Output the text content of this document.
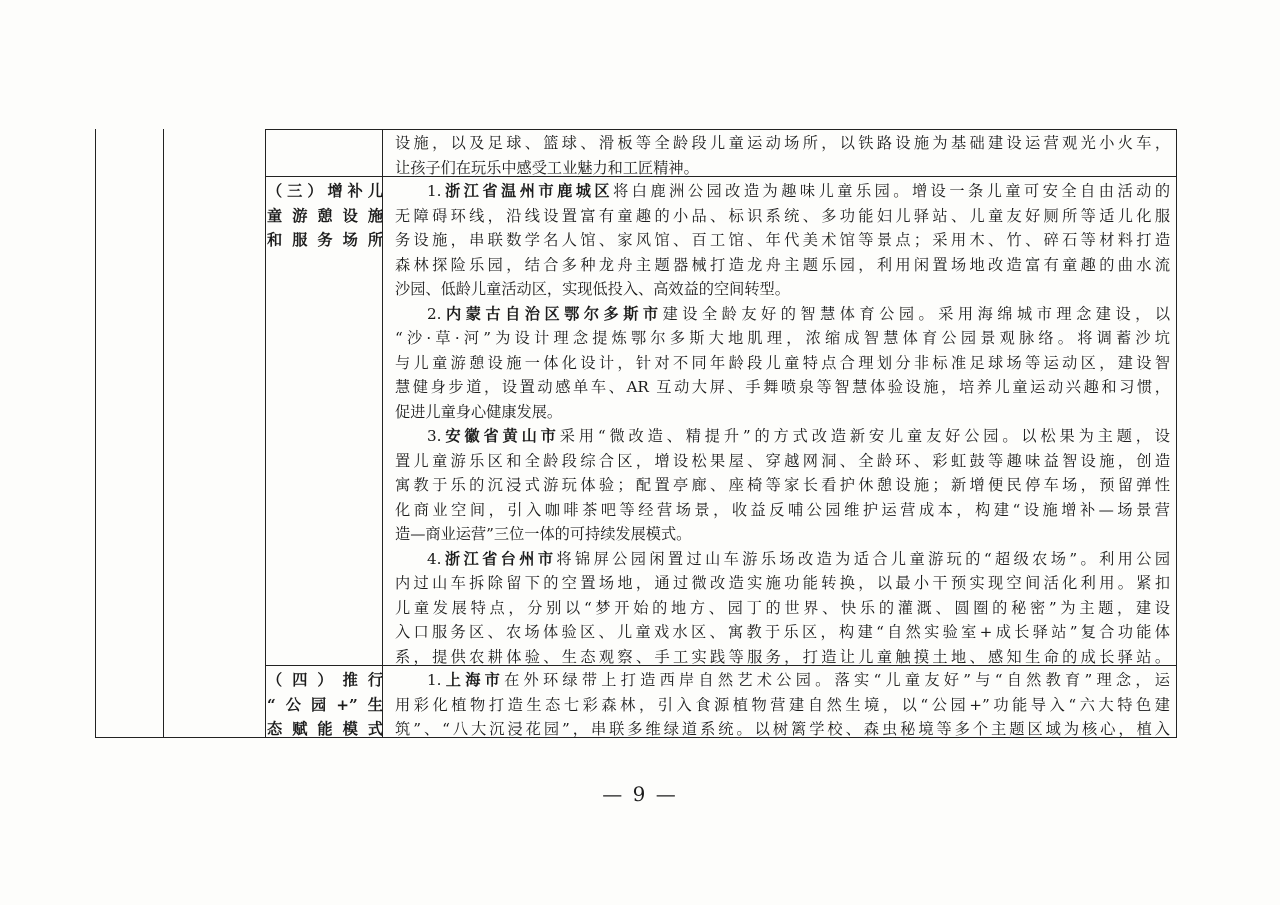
设施，以及足球、篮球、滑板等全龄段儿童运动场所，以铁路设施为基础建设运营观光小火车，
让孩子们在玩乐中感受工业魅力和工匠精神。
（三）增补儿
童游憩设施
和服务场所
1.浙江省温州市鹿城区将白鹿洲公园改造为趣味儿童乐园。增设一条儿童可安全自由活动的
无障碍环线，沿线设置富有童趣的小品、标识系统、多功能妇儿驿站、儿童友好厕所等适儿化服
务设施，串联数学名人馆、家风馆、百工馆、年代美术馆等景点；采用木、竹、碎石等材料打造
森林探险乐园，结合多种龙舟主题器械打造龙舟主题乐园，利用闲置场地改造富有童趣的曲水流
沙园、低龄儿童活动区，实现低投入、高效益的空间转型。
2.内蒙古自治区鄂尔多斯市建设全龄友好的智慧体育公园。采用海绵城市理念建设，以
“沙·草·河”为设计理念提炼鄂尔多斯大地肌理，浓缩成智慧体育公园景观脉络。将调蓄沙坑
与儿童游憩设施一体化设计，针对不同年龄段儿童特点合理划分非标准足球场等运动区，建设智
慧健身步道，设置动感单车、AR 互动大屏、手舞喷泉等智慧体验设施，培养儿童运动兴趣和习惯，
促进儿童身心健康发展。
3.安徽省黄山市采用“微改造、精提升”的方式改造新安儿童友好公园。以松果为主题，设
置儿童游乐区和全龄段综合区，增设松果屋、穿越网洞、全龄环、彩虹鼓等趣味益智设施，创造
寓教于乐的沉浸式游玩体验；配置亭廊、座椅等家长看护休憩设施；新增便民停车场，预留弹性
化商业空间，引入咖啡茶吧等经营场景，收益反哺公园维护运营成本，构建“设施增补—场景营
造—商业运营”三位一体的可持续发展模式。
4.浙江省台州市将锦屏公园闲置过山车游乐场改造为适合儿童游玩的“超级农场”。利用公园
内过山车拆除留下的空置场地，通过微改造实施功能转换，以最小干预实现空间活化利用。紧扣
儿童发展特点，分别以“梦开始的地方、园丁的世界、快乐的灌溉、圆圈的秘密”为主题，建设
入口服务区、农场体验区、儿童戏水区、寓教于乐区，构建“自然实验室+成长驿站”复合功能体
系，提供农耕体验、生态观察、手工实践等服务，打造让儿童触摸土地、感知生命的成长驿站。
（四）推行
“公园+”生
态赋能模式
1.上海市在外环绿带上打造西岸自然艺术公园。落实“儿童友好”与“自然教育”理念，运
用彩化植物打造生态七彩森林，引入食源植物营建自然生境，以“公园+”功能导入“六大特色建
筑”、“八大沉浸花园”，串联多维绿道系统。以树篱学校、森虫秘境等多个主题区域为核心，植入
— 9 —
